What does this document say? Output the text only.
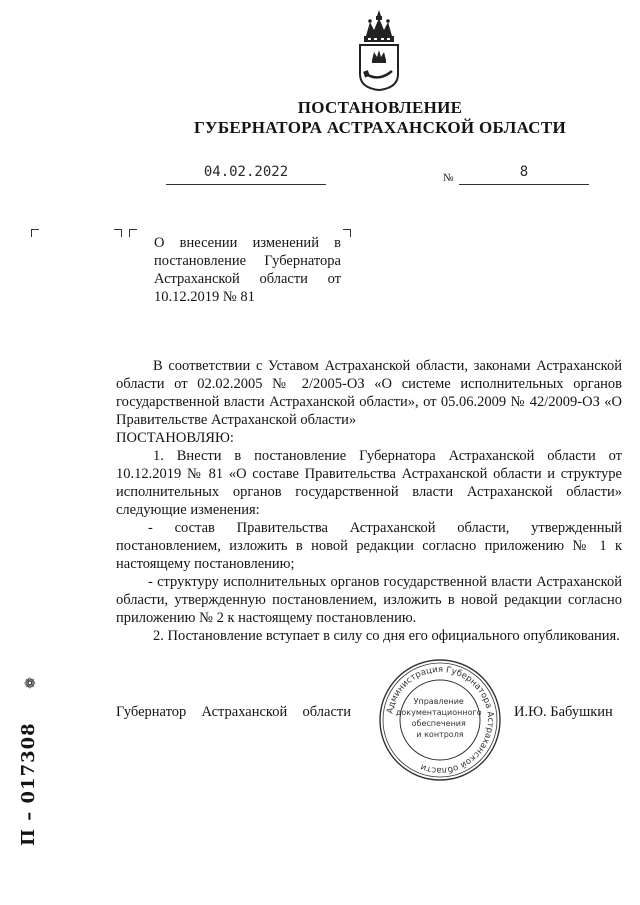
ПОСТАНОВЛЕНИЕ
ГУБЕРНАТОРА АСТРАХАНСКОЙ ОБЛАСТИ
04.02.2022	№	8
О внесении изменений в
постановление Губернатора
Астраханской области от
10.12.2019 № 81

В соответствии с Уставом Астраханской области, законами Астраханской области от 02.02.2005 № 2/2005-ОЗ «О системе исполнительных органов государственной власти Астраханской области», от 05.06.2009 № 42/2009-ОЗ «О Правительстве Астраханской области»

ПОСТАНОВЛЯЮ:

1. Внести в постановление Губернатора Астраханской области от 10.12.2019 № 81 «О составе Правительства Астраханской области и структуре исполнительных органов государственной власти Астраханской области» следующие изменения:

- состав Правительства Астраханской области, утвержденный постановлением, изложить в новой редакции согласно приложению № 1 к настоящему постановлению;

- структуру исполнительных органов государственной власти Астраханской области, утвержденную постановлением, изложить в новой редакции согласно приложению № 2 к настоящему постановлению.

2. Постановление вступает в силу со дня его официального опубликования.

Губернатор Астраханской области	И.Ю. Бабушкин
Администрация Губернатора Астраханской области
Управление документационного обеспечения и контроля
❁
П – 017308
